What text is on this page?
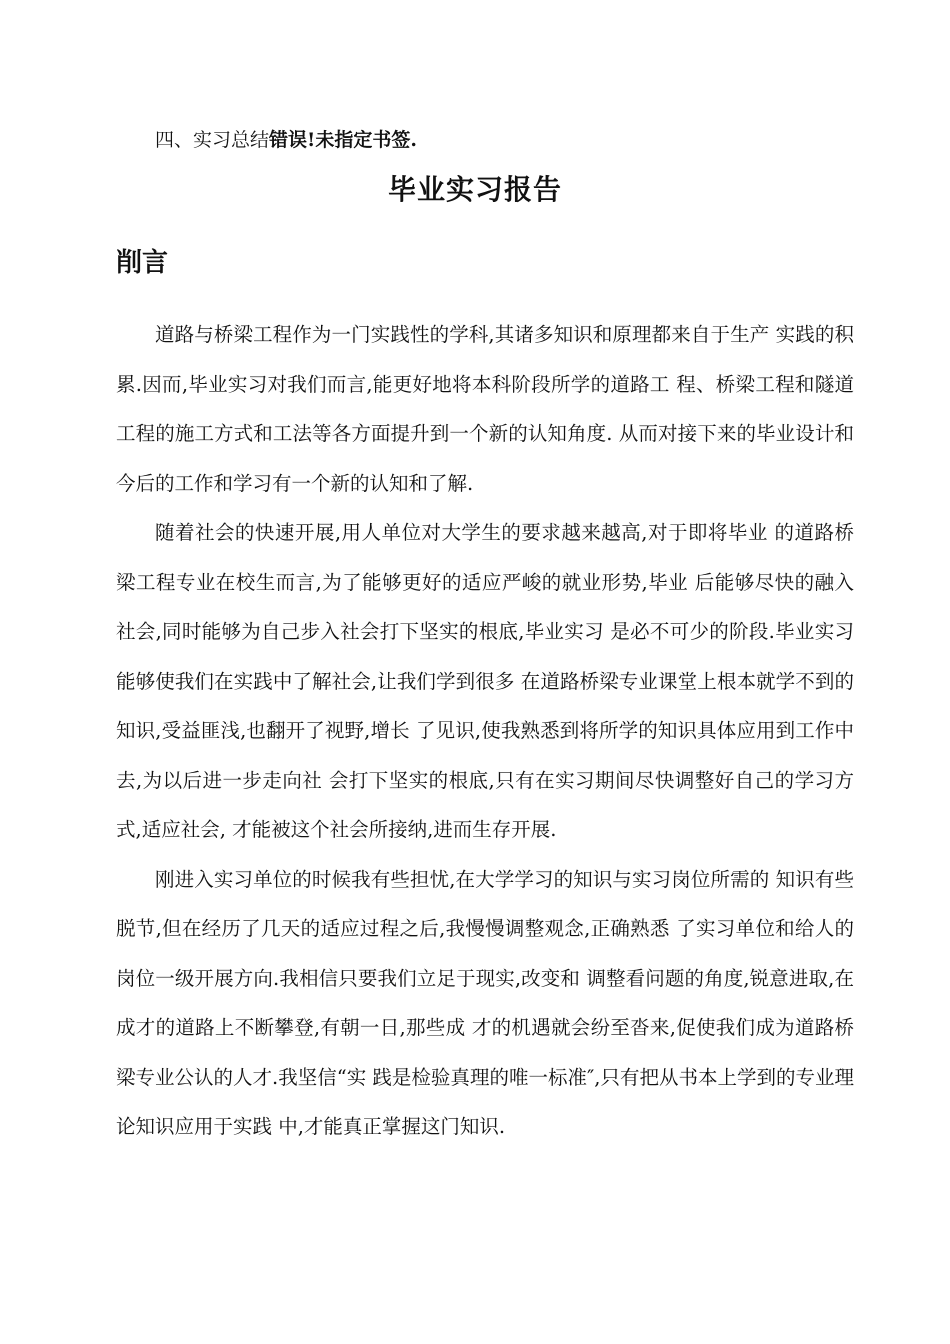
四、实习总结错误!未指定书签.
毕业实习报告
削言

道路与桥梁工程作为一门实践性的学科,其诸多知识和原理都来自于生产 实践的积累.因而,毕业实习对我们而言,能更好地将本科阶段所学的道路工 程、桥梁工程和隧道工程的施工方式和工法等各方面提升到一个新的认知角度. 从而对接下来的毕业设计和今后的工作和学习有一个新的认知和了解.

随着社会的快速开展,用人单位对大学生的要求越来越高,对于即将毕业 的道路桥梁工程专业在校生而言,为了能够更好的适应严峻的就业形势,毕业 后能够尽快的融入社会,同时能够为自己步入社会打下坚实的根底,毕业实习 是必不可少的阶段.毕业实习能够使我们在实践中了解社会,让我们学到很多 在道路桥梁专业课堂上根本就学不到的知识,受益匪浅,也翻开了视野,增长 了见识,使我熟悉到将所学的知识具体应用到工作中去,为以后进一步走向社 会打下坚实的根底,只有在实习期间尽快调整好自己的学习方式,适应社会, 才能被这个社会所接纳,进而生存开展.

刚进入实习单位的时候我有些担忧,在大学学习的知识与实习岗位所需的 知识有些脱节,但在经历了几天的适应过程之后,我慢慢调整观念,正确熟悉 了实习单位和给人的岗位一级开展方向.我相信只要我们立足于现实,改变和 调整看问题的角度,锐意进取,在成才的道路上不断攀登,有朝一日,那些成 才的机遇就会纷至沓来,促使我们成为道路桥梁专业公认的人才.我坚信“实 践是检验真理的唯一标准″,只有把从书本上学到的专业理论知识应用于实践 中,才能真正掌握这门知识.
